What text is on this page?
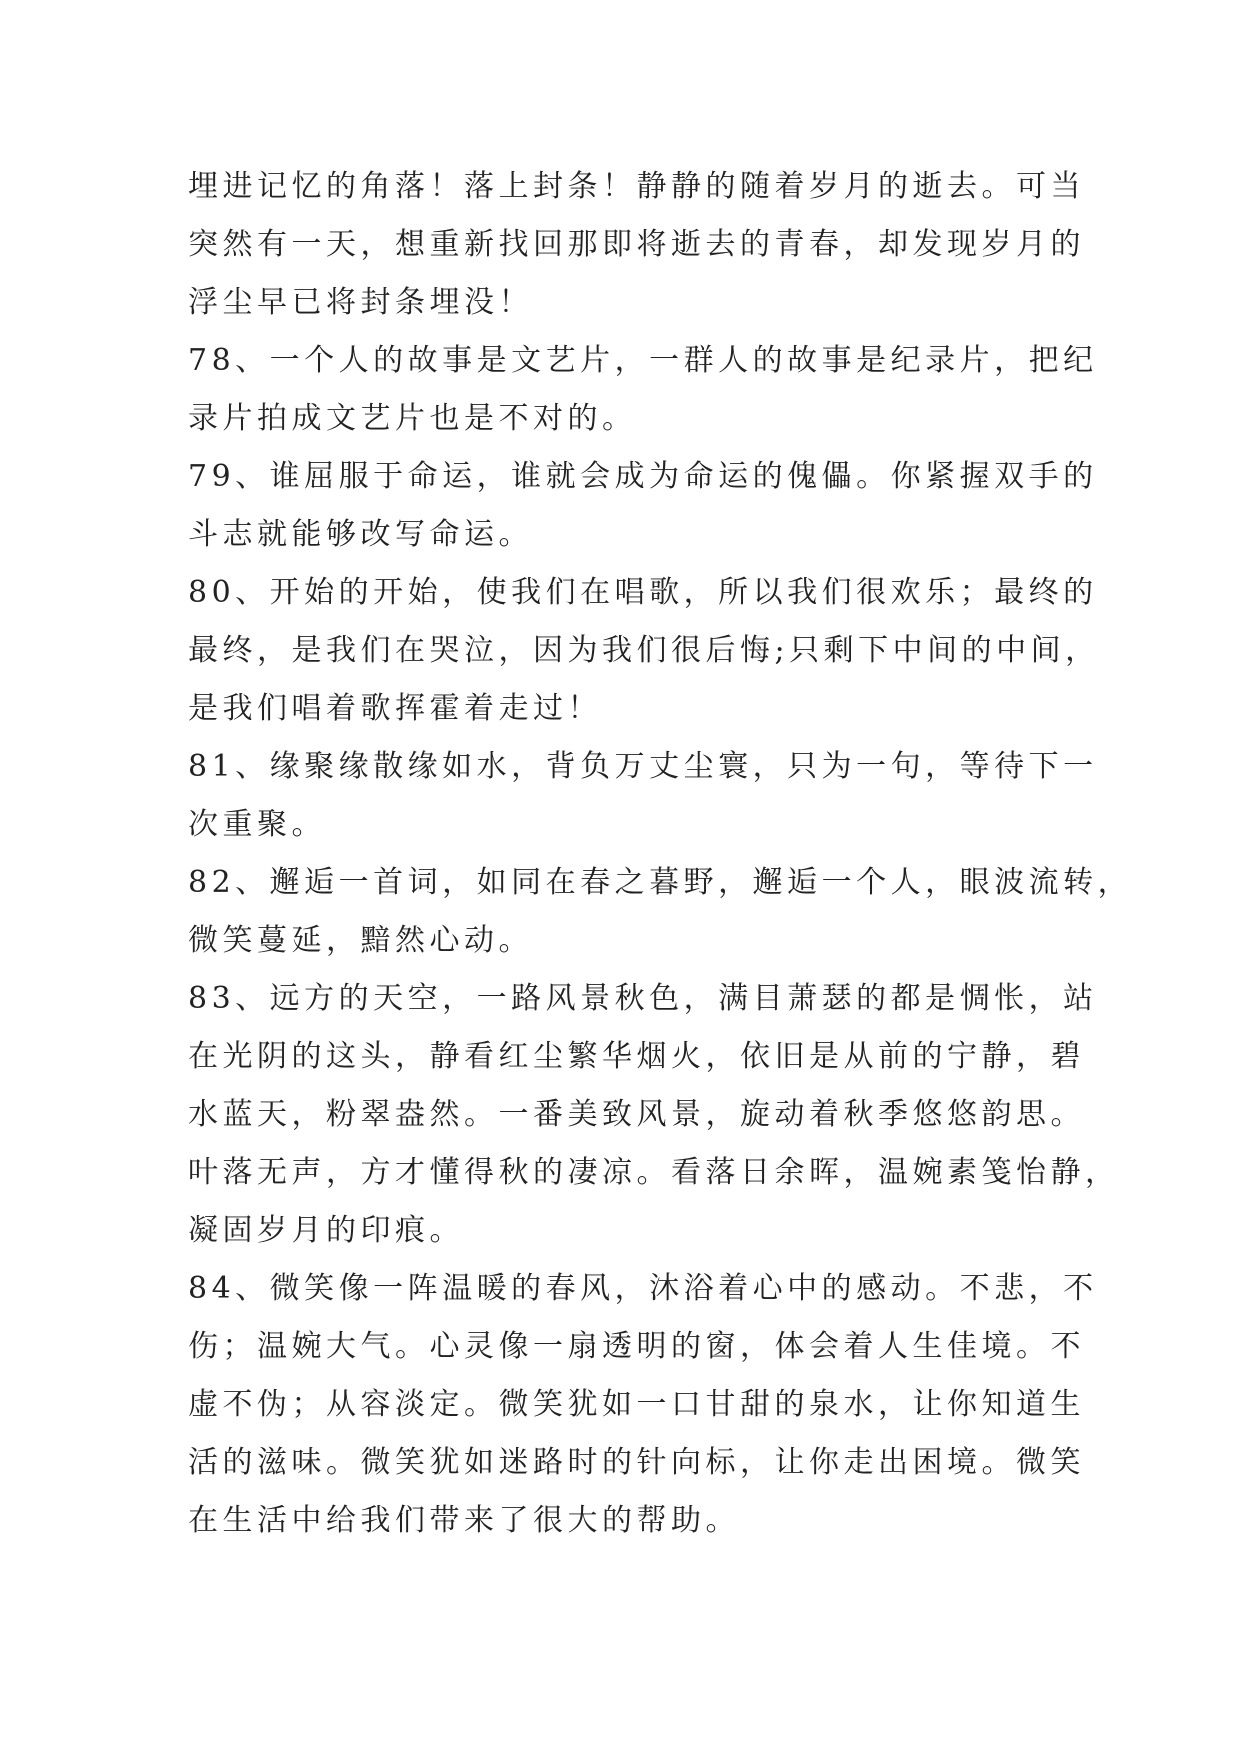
埋进记忆的角落！落上封条！静静的随着岁月的逝去。可当
突然有一天，想重新找回那即将逝去的青春，却发现岁月的
浮尘早已将封条埋没！
78、一个人的故事是文艺片，一群人的故事是纪录片，把纪
录片拍成文艺片也是不对的。
79、谁屈服于命运，谁就会成为命运的傀儡。你紧握双手的
斗志就能够改写命运。
80、开始的开始，使我们在唱歌，所以我们很欢乐；最终的
最终，是我们在哭泣，因为我们很后悔;只剩下中间的中间，
是我们唱着歌挥霍着走过！
81、缘聚缘散缘如水，背负万丈尘寰，只为一句，等待下一
次重聚。
82、邂逅一首词，如同在春之暮野，邂逅一个人，眼波流转，
微笑蔓延，黯然心动。
83、远方的天空，一路风景秋色，满目萧瑟的都是惆怅，站
在光阴的这头，静看红尘繁华烟火，依旧是从前的宁静，碧
水蓝天，粉翠盎然。一番美致风景，旋动着秋季悠悠韵思。
叶落无声，方才懂得秋的凄凉。看落日余晖，温婉素笺怡静，
凝固岁月的印痕。
84、微笑像一阵温暖的春风，沐浴着心中的感动。不悲，不
伤；温婉大气。心灵像一扇透明的窗，体会着人生佳境。不
虚不伪；从容淡定。微笑犹如一口甘甜的泉水，让你知道生
活的滋味。微笑犹如迷路时的针向标，让你走出困境。微笑
在生活中给我们带来了很大的帮助。
